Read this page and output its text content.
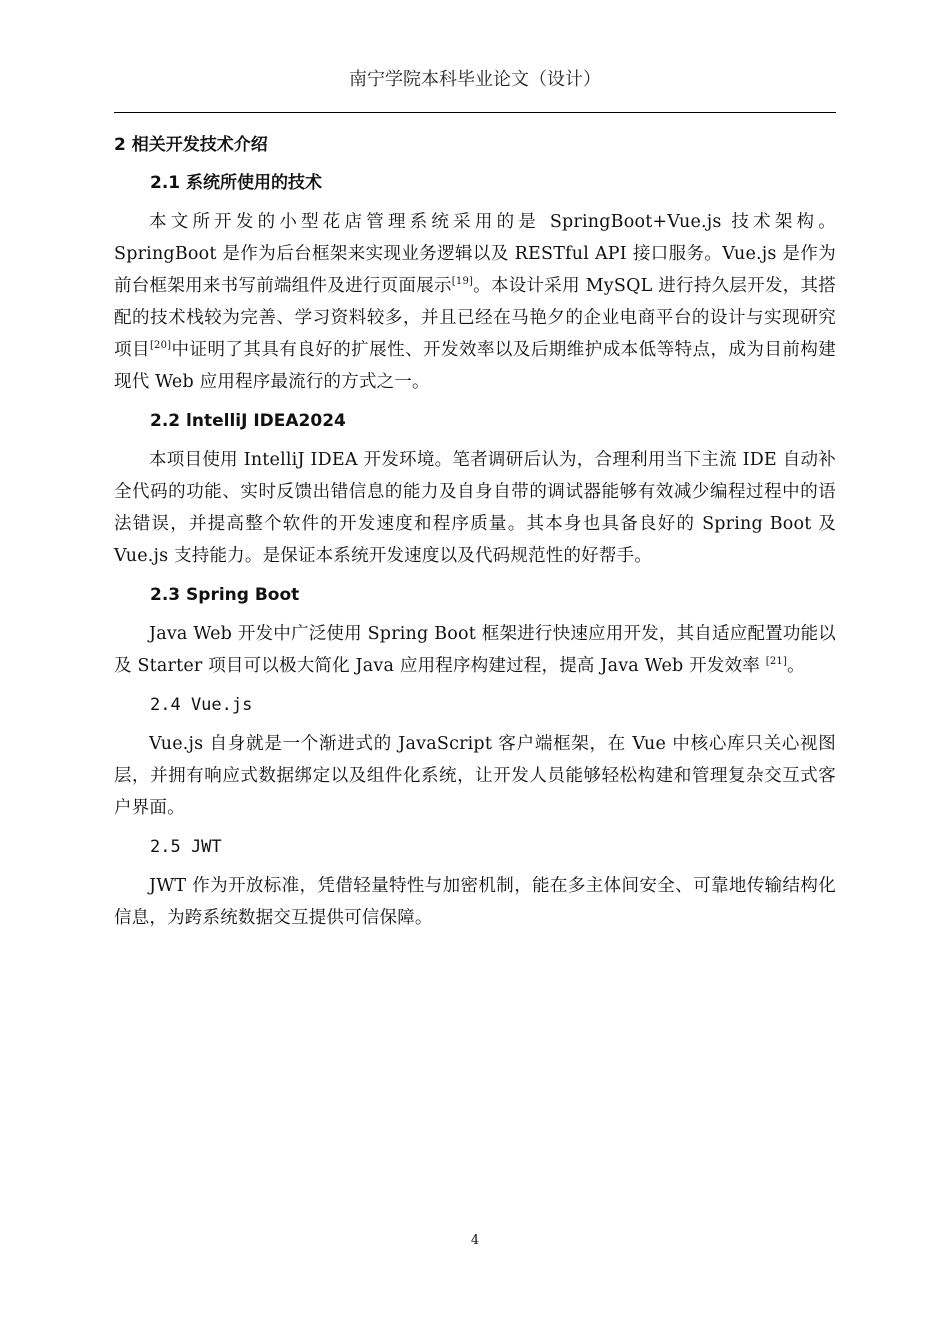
南宁学院本科毕业论文（设计）
2 相关开发技术介绍
2.1 系统所使用的技术

本文所开发的小型花店管理系统采用的是 SpringBoot+Vue.js 技术架构。SpringBoot 是作为后台框架来实现业务逻辑以及 RESTful API 接口服务。Vue.js 是作为前台框架用来书写前端组件及进行页面展示[19]。本设计采用 MySQL 进行持久层开发，其搭配的技术栈较为完善、学习资料较多，并且已经在马艳夕的企业电商平台的设计与实现研究项目[20]中证明了其具有良好的扩展性、开发效率以及后期维护成本低等特点，成为目前构建现代 Web 应用程序最流行的方式之一。

2.2 lntelliJ IDEA2024

本项目使用 IntelliJ IDEA 开发环境。笔者调研后认为，合理利用当下主流 IDE 自动补全代码的功能、实时反馈出错信息的能力及自身自带的调试器能够有效减少编程过程中的语法错误，并提高整个软件的开发速度和程序质量。其本身也具备良好的 Spring Boot 及 Vue.js 支持能力。是保证本系统开发速度以及代码规范性的好帮手。

2.3 Spring Boot

Java Web 开发中广泛使用 Spring Boot 框架进行快速应用开发，其自适应配置功能以及 Starter 项目可以极大简化 Java 应用程序构建过程，提高 Java Web 开发效率 [21]。

2.4 Vue.js

Vue.js 自身就是一个渐进式的 JavaScript 客户端框架，在 Vue 中核心库只关心视图层，并拥有响应式数据绑定以及组件化系统，让开发人员能够轻松构建和管理复杂交互式客户界面。

2.5 JWT

JWT 作为开放标准，凭借轻量特性与加密机制，能在多主体间安全、可靠地传输结构化信息，为跨系统数据交互提供可信保障。

4
